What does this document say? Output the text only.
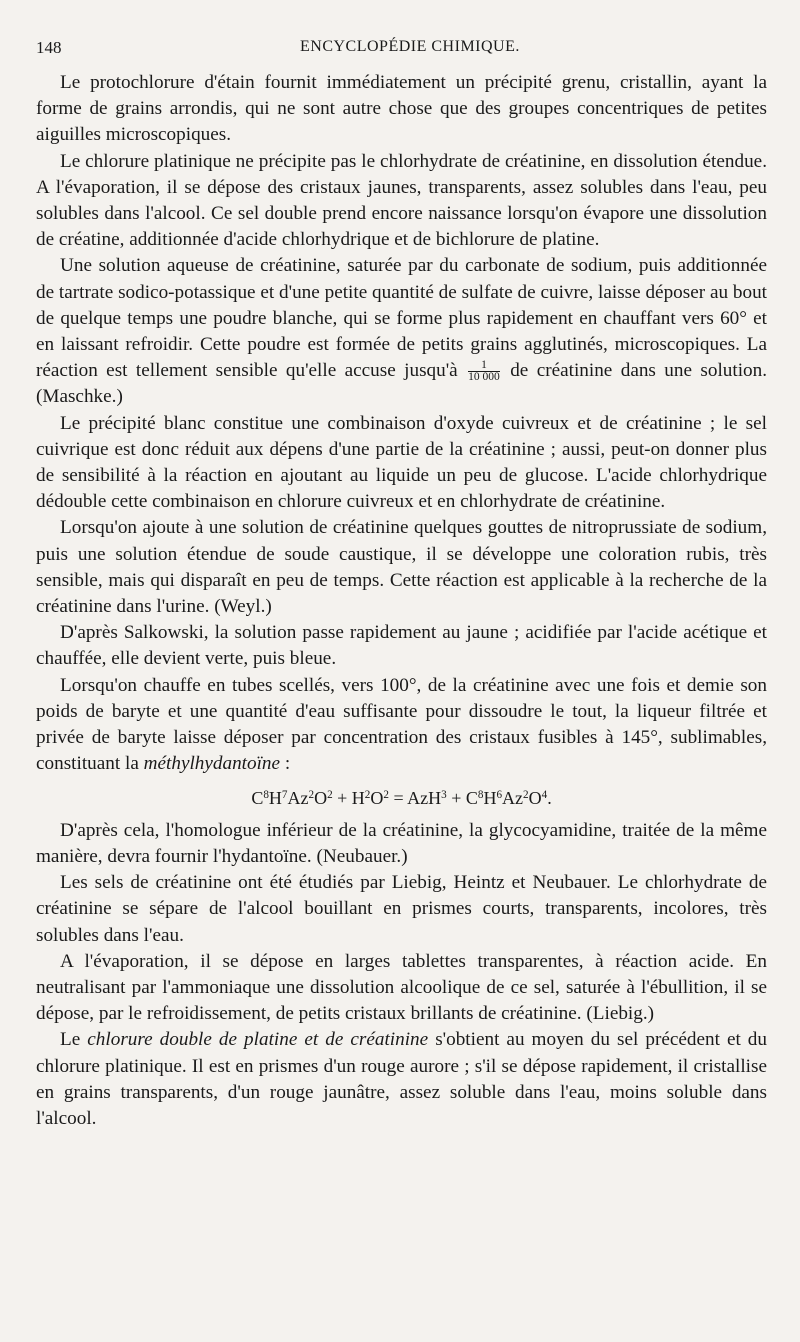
148	ENCYCLOPÉDIE CHIMIQUE.

Le protochlorure d'étain fournit immédiatement un précipité grenu, cristallin, ayant la forme de grains arrondis, qui ne sont autre chose que des groupes concentriques de petites aiguilles microscopiques.

Le chlorure platinique ne précipite pas le chlorhydrate de créatinine, en dissolution étendue. A l'évaporation, il se dépose des cristaux jaunes, transparents, assez solubles dans l'eau, peu solubles dans l'alcool. Ce sel double prend encore naissance lorsqu'on évapore une dissolution de créatine, additionnée d'acide chlorhydrique et de bichlorure de platine.

Une solution aqueuse de créatinine, saturée par du carbonate de sodium, puis additionnée de tartrate sodico-potassique et d'une petite quantité de sulfate de cuivre, laisse déposer au bout de quelque temps une poudre blanche, qui se forme plus rapidement en chauffant vers 60° et en laissant refroidir. Cette poudre est formée de petits grains agglutinés, microscopiques. La réaction est tellement sensible qu'elle accuse jusqu'à $\frac{1}{10 000}$ de créatinine dans une solution. (Maschke.)

Le précipité blanc constitue une combinaison d'oxyde cuivreux et de créatinine ; le sel cuivrique est donc réduit aux dépens d'une partie de la créatinine ; aussi, peut-on donner plus de sensibilité à la réaction en ajoutant au liquide un peu de glucose. L'acide chlorhydrique dédouble cette combinaison en chlorure cuivreux et en chlorhydrate de créatinine.

Lorsqu'on ajoute à une solution de créatinine quelques gouttes de nitroprussiate de sodium, puis une solution étendue de soude caustique, il se développe une coloration rubis, très sensible, mais qui disparaît en peu de temps. Cette réaction est applicable à la recherche de la créatinine dans l'urine. (Weyl.)

D'après Salkowski, la solution passe rapidement au jaune ; acidifiée par l'acide acétique et chauffée, elle devient verte, puis bleue.

Lorsqu'on chauffe en tubes scellés, vers 100°, de la créatinine avec une fois et demie son poids de baryte et une quantité d'eau suffisante pour dissoudre le tout, la liqueur filtrée et privée de baryte laisse déposer par concentration des cristaux fusibles à 145°, sublimables, constituant la méthylhydantoïne :

$C^8H^7Az^2O^2 + H^2O^2 = AzH^3 + C^8H^6Az^2O^4$.

D'après cela, l'homologue inférieur de la créatinine, la glycocyamidine, traitée de la même manière, devra fournir l'hydantoïne. (Neubauer.)

Les sels de créatinine ont été étudiés par Liebig, Heintz et Neubauer. Le chlorhydrate de créatinine se sépare de l'alcool bouillant en prismes courts, transparents, incolores, très solubles dans l'eau.

A l'évaporation, il se dépose en larges tablettes transparentes, à réaction acide. En neutralisant par l'ammoniaque une dissolution alcoolique de ce sel, saturée à l'ébullition, il se dépose, par le refroidissement, de petits cristaux brillants de créatinine. (Liebig.)

Le chlorure double de platine et de créatinine s'obtient au moyen du sel précédent et du chlorure platinique. Il est en prismes d'un rouge aurore ; s'il se dépose rapidement, il cristallise en grains transparents, d'un rouge jaunâtre, assez soluble dans l'eau, moins soluble dans l'alcool.
